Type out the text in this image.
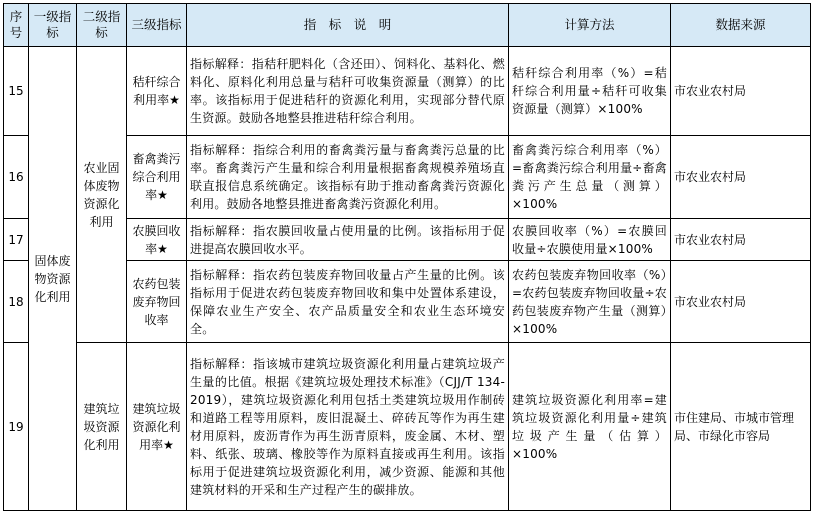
序号	一级指标	二级指标	三级指标	指　标　说　明	计算方法	数据来源
15	固体废物资源化利用	农业固体废物资源化利用	秸秆综合利用率★	指标解释：指秸秆肥料化（含还田）、饲料化、基料化、燃料化、原料化利用总量与秸秆可收集资源量（测算）的比率。该指标用于促进秸秆的资源化利用，实现部分替代原生资源。鼓励各地整县推进秸秆综合利用。	秸秆综合利用率（%）=秸秆综合利用量÷秸秆可收集资源量（测算）×100%	市农业农村局
16			畜禽粪污综合利用率★	指标解释：指综合利用的畜禽粪污量与畜禽粪污总量的比率。畜禽粪污产生量和综合利用量根据畜禽规模养殖场直联直报信息系统确定。该指标有助于推动畜禽粪污资源化利用。鼓励各地整县推进畜禽粪污资源化利用。	畜禽粪污综合利用率（%）=畜禽粪污综合利用量÷畜禽粪污产生总量（测算）×100%	市农业农村局
17			农膜回收率★	指标解释：指农膜回收量占使用量的比例。该指标用于促进提高农膜回收水平。	农膜回收率（%）=农膜回收量÷农膜使用量×100%	市农业农村局
18			农药包装废弃物回收率	指标解释：指农药包装废弃物回收量占产生量的比例。该指标用于促进农药包装废弃物回收和集中处置体系建设，保障农业生产安全、农产品质量安全和农业生态环境安全。	农药包装废弃物回收率（%）=农药包装废弃物回收量÷农药包装废弃物产生量（测算）×100%	市农业农村局
19		建筑垃圾资源化利用	建筑垃圾资源化利用率★	指标解释：指该城市建筑垃圾资源化利用量占建筑垃圾产生量的比值。根据《建筑垃圾处理技术标准》（CJJ/T 134-2019），建筑垃圾资源化利用包括土类建筑垃圾用作制砖和道路工程等用原料，废旧混凝土、碎砖瓦等作为再生建材用原料，废沥青作为再生沥青原料，废金属、木材、塑料、纸张、玻璃、橡胶等作为原料直接或再生利用。该指标用于促进建筑垃圾资源化利用，减少资源、能源和其他建筑材料的开采和生产过程产生的碳排放。	建筑垃圾资源化利用率=建筑垃圾资源化利用量÷建筑垃圾产生量（估算）×100%	市住建局、市城市管理局、市绿化市容局
